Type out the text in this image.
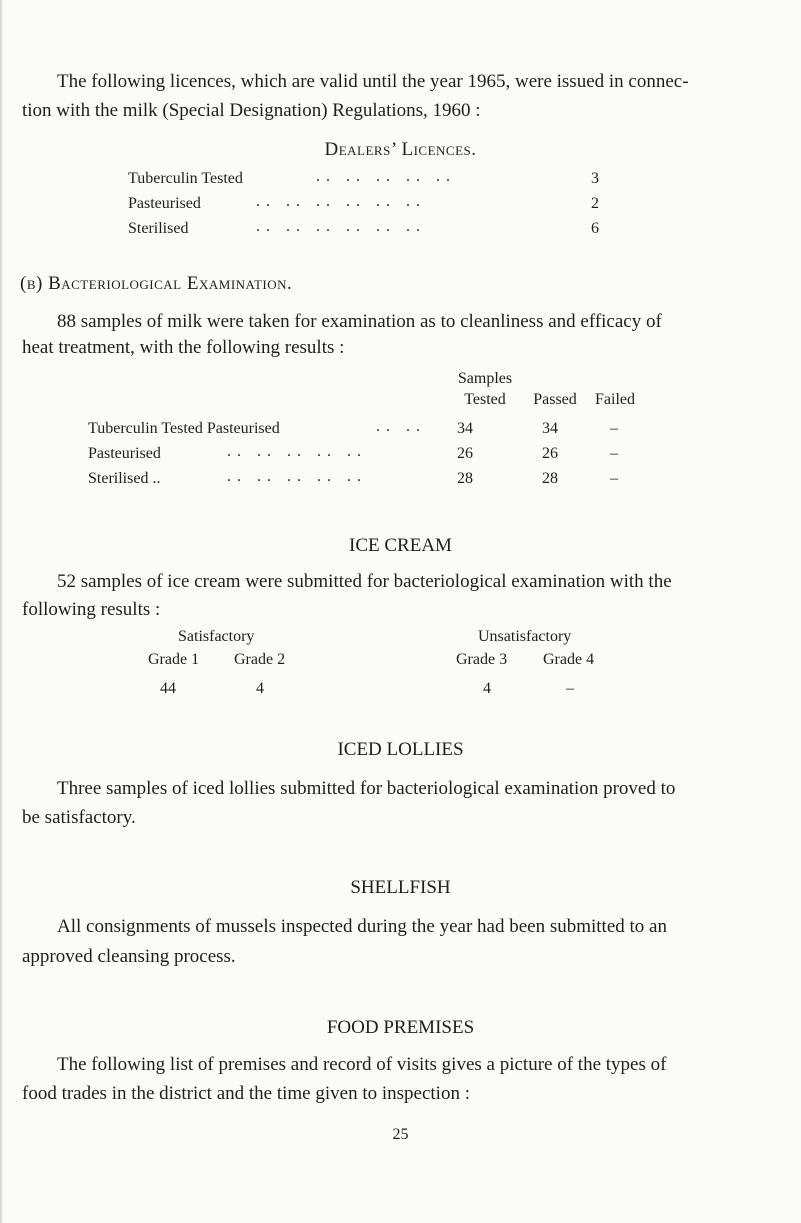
The following licences, which are valid until the year 1965, were issued in connec-
tion with the milk (Special Designation) Regulations, 1960 :
Dealers’ Licences.
Tuberculin Tested	.. .. .. .. ..	3
Pasteurised	.. .. .. .. .. ..	2
Sterilised	.. .. .. .. .. ..	6
(b) Bacteriological Examination.
88 samples of milk were taken for examination as to cleanliness and efficacy of
heat treatment, with the following results :
Samples
Tested	Passed	Failed
Tuberculin Tested Pasteurised	.. .. 34	34	–
Pasteurised	.. .. .. .. ..	26	26	–
Sterilised ..	.. .. .. .. ..	28	28	–
ICE CREAM
52 samples of ice cream were submitted for bacteriological examination with the
following results :
Satisfactory	Unsatisfactory
Grade 1 Grade 2	Grade 3 Grade 4
44	4	4	–
ICED LOLLIES
Three samples of iced lollies submitted for bacteriological examination proved to
be satisfactory.
SHELLFISH
All consignments of mussels inspected during the year had been submitted to an
approved cleansing process.
FOOD PREMISES
The following list of premises and record of visits gives a picture of the types of
food trades in the district and the time given to inspection :
25
